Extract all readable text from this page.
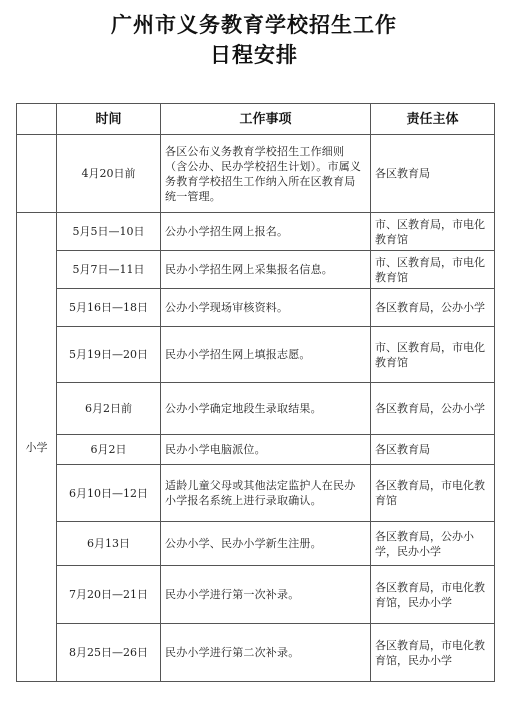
广州市义务教育学校招生工作
日程安排
	时间	工作事项	责任主体
	4月20日前	各区公布义务教育学校招生工作细则（含公办、民办学校招生计划）。市属义务教育学校招生工作纳入所在区教育局统一管理。	各区教育局
小学	5月5日—10日	公办小学招生网上报名。	市、区教育局，市电化教育馆
	5月7日—11日	民办小学招生网上采集报名信息。	市、区教育局，市电化教育馆
	5月16日—18日	公办小学现场审核资料。	各区教育局，公办小学
	5月19日—20日	民办小学招生网上填报志愿。	市、区教育局，市电化教育馆
	6月2日前	公办小学确定地段生录取结果。	各区教育局，公办小学
	6月2日	民办小学电脑派位。	各区教育局
	6月10日—12日	适龄儿童父母或其他法定监护人在民办小学报名系统上进行录取确认。	各区教育局，市电化教育馆
	6月13日	公办小学、民办小学新生注册。	各区教育局，公办小学，民办小学
	7月20日—21日	民办小学进行第一次补录。	各区教育局，市电化教育馆，民办小学
	8月25日—26日	民办小学进行第二次补录。	各区教育局，市电化教育馆，民办小学
